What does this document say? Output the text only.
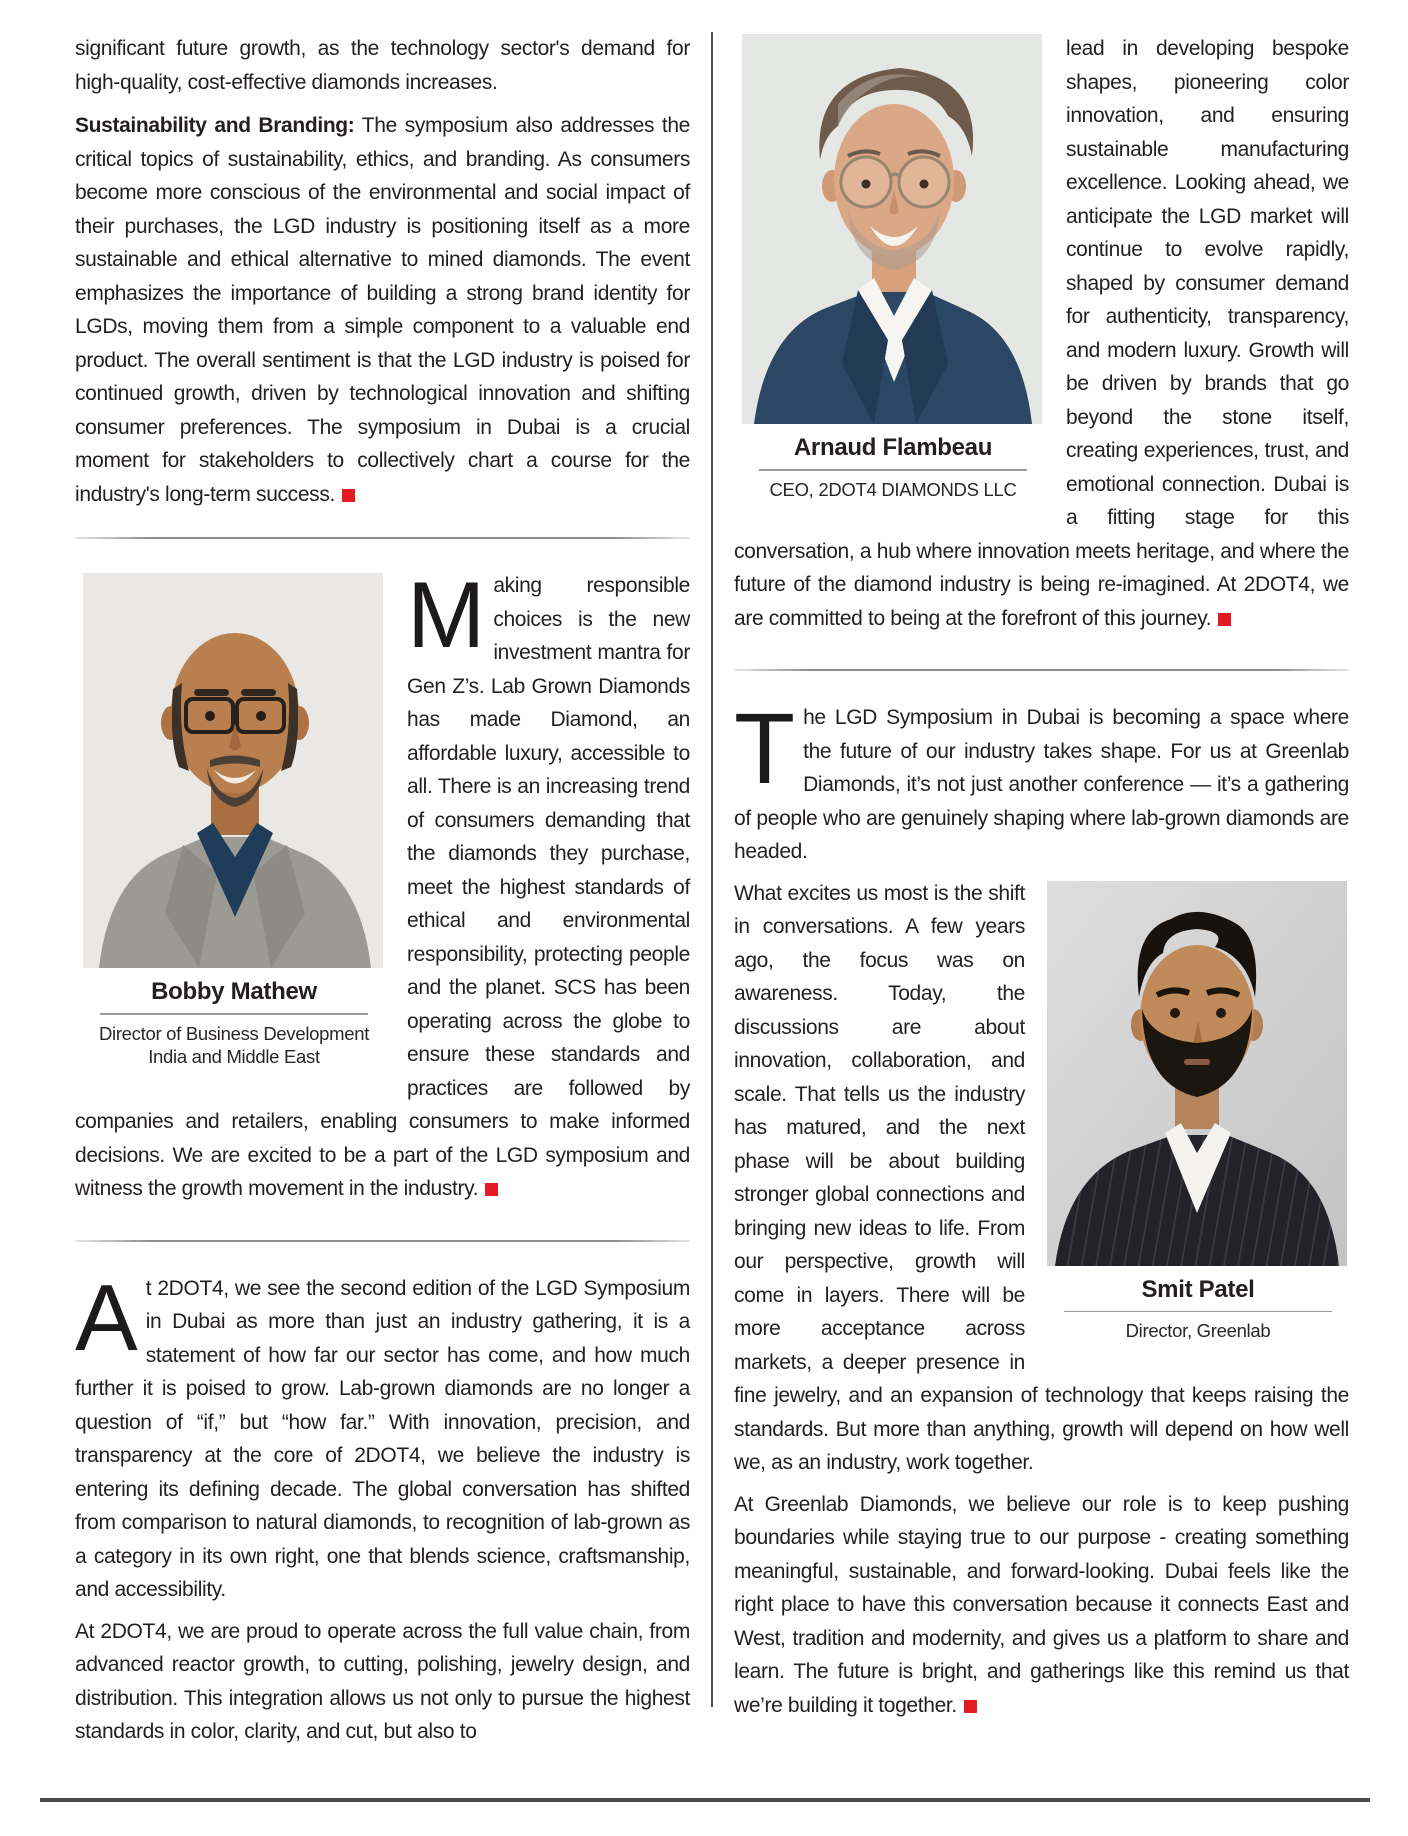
significant future growth, as the technology sector's demand for high-quality, cost-effective diamonds increases.

Sustainability and Branding: The symposium also addresses the critical topics of sustainability, ethics, and branding. As consumers become more conscious of the environmental and social impact of their purchases, the LGD industry is positioning itself as a more sustainable and ethical alternative to mined diamonds. The event emphasizes the importance of building a strong brand identity for LGDs, moving them from a simple component to a valuable end product. The overall sentiment is that the LGD industry is poised for continued growth, driven by technological innovation and shifting consumer preferences. The symposium in Dubai is a crucial moment for stakeholders to collectively chart a course for the industry's long-term success.

Bobby Mathew
Director of Business Development
India and Middle East

Making responsible choices is the new investment mantra for Gen Z’s. Lab Grown Diamonds has made Diamond, an affordable luxury, accessible to all. There is an increasing trend of consumers demanding that the diamonds they purchase, meet the highest standards of ethical and environmental responsibility, protecting people and the planet. SCS has been operating across the globe to ensure these standards and practices are followed by companies and retailers, enabling consumers to make informed decisions. We are excited to be a part of the LGD symposium and witness the growth movement in the industry.

At 2DOT4, we see the second edition of the LGD Symposium in Dubai as more than just an industry gathering, it is a statement of how far our sector has come, and how much further it is poised to grow. Lab-grown diamonds are no longer a question of “if,” but “how far.” With innovation, precision, and transparency at the core of 2DOT4, we believe the industry is entering its defining decade. The global conversation has shifted from comparison to natural diamonds, to recognition of lab-grown as a category in its own right, one that blends science, craftsmanship, and accessibility.

At 2DOT4, we are proud to operate across the full value chain, from advanced reactor growth, to cutting, polishing, jewelry design, and distribution. This integration allows us not only to pursue the highest standards in color, clarity, and cut, but also to

Arnaud Flambeau
CEO, 2DOT4 DIAMONDS LLC

lead in developing bespoke shapes, pioneering color innovation, and ensuring sustainable manufacturing excellence. Looking ahead, we anticipate the LGD market will continue to evolve rapidly, shaped by consumer demand for authenticity, transparency, and modern luxury. Growth will be driven by brands that go beyond the stone itself, creating experiences, trust, and emotional connection. Dubai is a fitting stage for this conversation, a hub where innovation meets heritage, and where the future of the diamond industry is being re-imagined. At 2DOT4, we are committed to being at the forefront of this journey.

The LGD Symposium in Dubai is becoming a space where the future of our industry takes shape. For us at Greenlab Diamonds, it’s not just another conference — it’s a gathering of people who are genuinely shaping where lab-grown diamonds are headed.

Smit Patel
Director, Greenlab

What excites us most is the shift in conversations. A few years ago, the focus was on awareness. Today, the discussions are about innovation, collaboration, and scale. That tells us the industry has matured, and the next phase will be about building stronger global connections and bringing new ideas to life. From our perspective, growth will come in layers. There will be more acceptance across markets, a deeper presence in fine jewelry, and an expansion of technology that keeps raising the standards. But more than anything, growth will depend on how well we, as an industry, work together.

At Greenlab Diamonds, we believe our role is to keep pushing boundaries while staying true to our purpose - creating something meaningful, sustainable, and forward-looking. Dubai feels like the right place to have this conversation because it connects East and West, tradition and modernity, and gives us a platform to share and learn. The future is bright, and gatherings like this remind us that we’re building it together.
